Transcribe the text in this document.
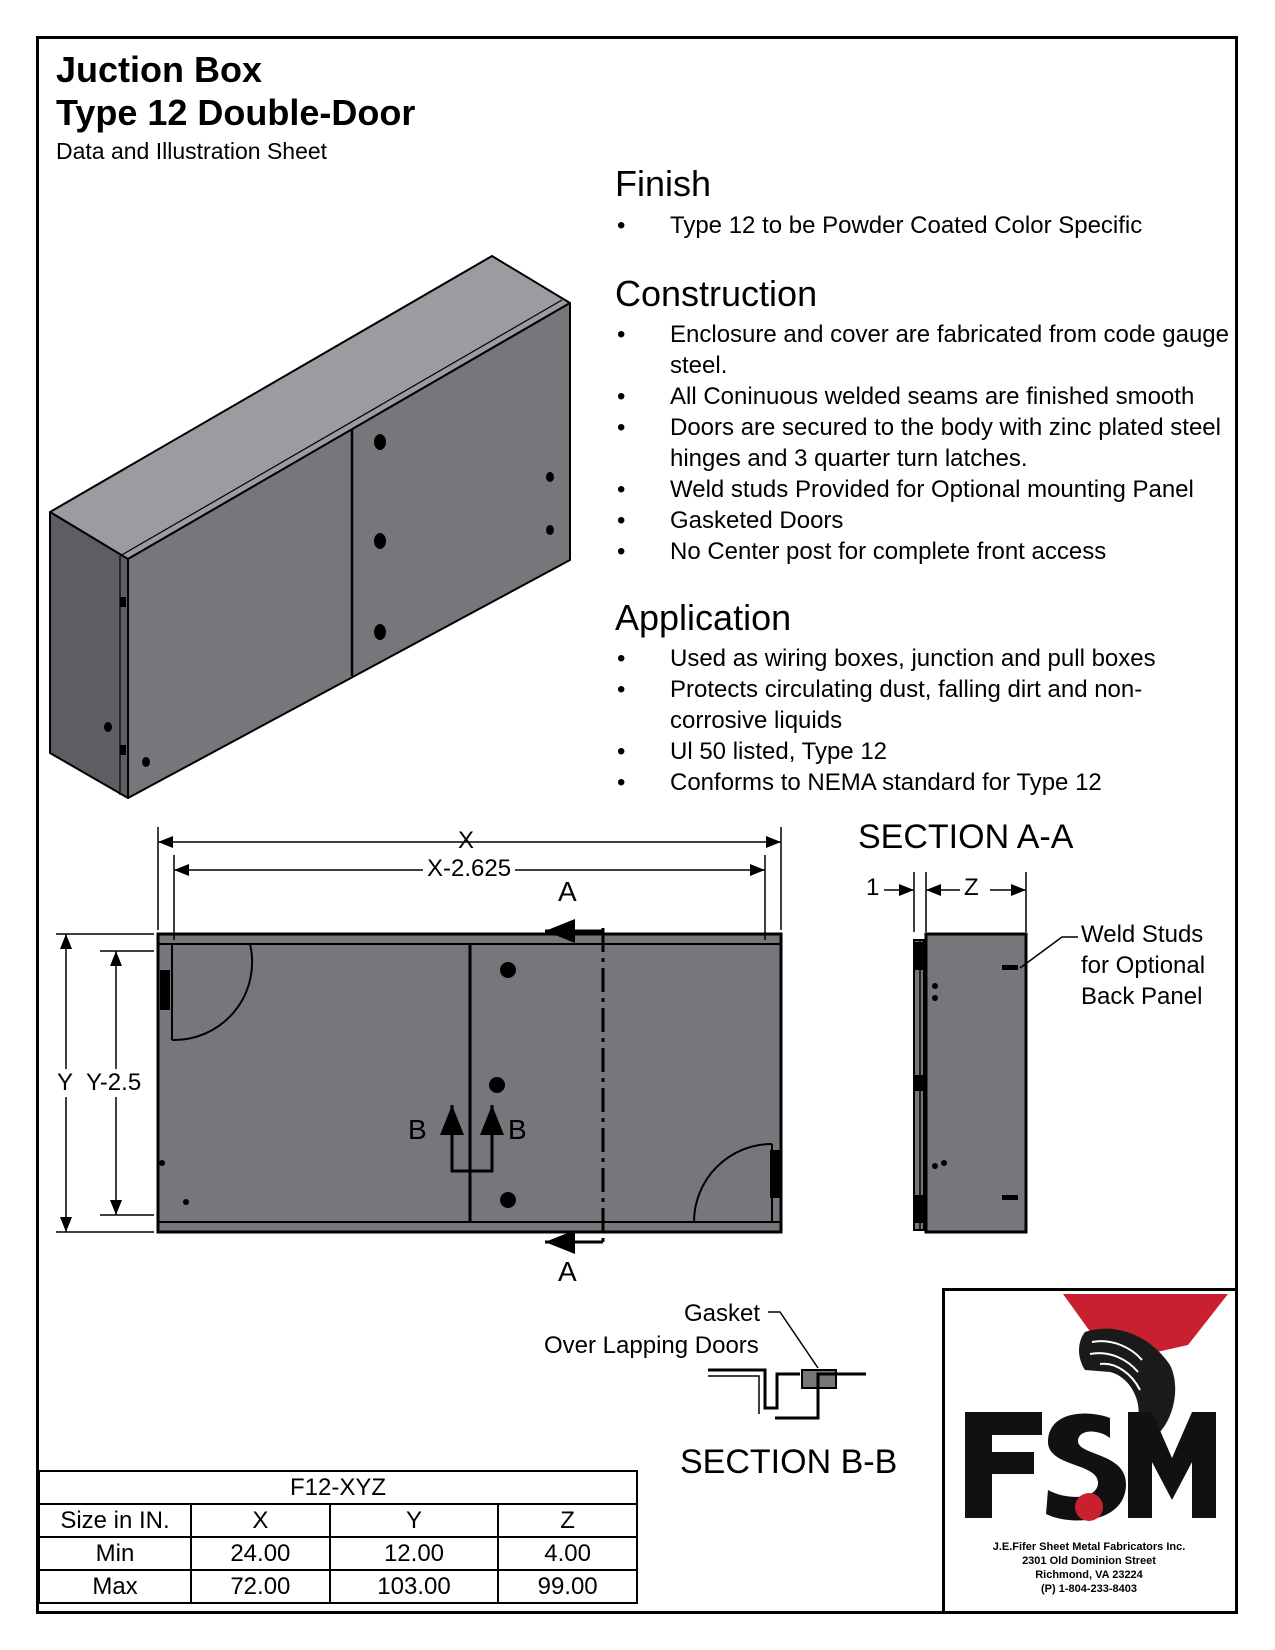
Juction Box
Type 12 Double-Door
Data and Illustration Sheet
Finish
• Type 12 to be Powder Coated Color Specific
Construction
• Enclosure and cover are fabricated from code gauge steel.
• All Coninuous welded seams are finished smooth
• Doors are secured to the body with zinc plated steel hinges and 3 quarter turn latches.
• Weld studs Provided for Optional mounting Panel
• Gasketed Doors
• No Center post for complete front access
Application
• Used as wiring boxes, junction and pull boxes
• Protects circulating dust, falling dirt and non-corrosive liquids
• Ul 50 listed, Type 12
• Conforms to NEMA standard for Type 12
X
X-2.625
Y Y-2.5
A
A
B	B
SECTION A-A
1	Z
Weld Studs
for Optional
Back Panel
Gasket
Over Lapping Doors
SECTION B-B
F12-XYZ			
Size in IN.	X	Y	Z
Min	24.00	12.00	4.00
Max	72.00	103.00	99.00
J.E.Fifer Sheet Metal Fabricators Inc.
2301 Old Dominion Street
Richmond, VA 23224
(P) 1-804-233-8403
